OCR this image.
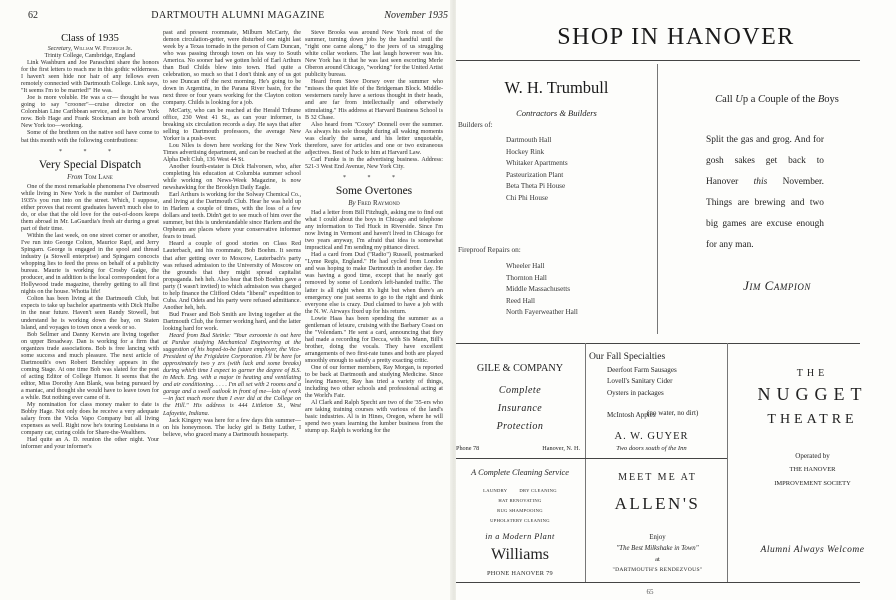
62	DARTMOUTH ALUMNI MAGAZINE	November 1935
Class of 1935
Secretary, William W. Fitzhugh Jr.
Trinity College, Cambridge, England

Link Washburn and Joe Paraschini share the honors for the first letters to reach me in this gothic wilderness. I haven't seen hide nor hair of any fellows even remotely connected with Dartmouth College. Link says, "It seems I'm to be married!" He was.

Joe is more voluble. He was a cr— thought he was going to say "crooner"—cruise director on the Colombian Line Caribbean service, and is in New York now. Bob Hage and Frank Stockman are both around New York too—working.

Some of the brethren on the native soil have come to bat this month with the following contributions:

* * *
Very Special Dispatch
From Tom Lane

One of the most remarkable phenomena I've observed while living in New York is the number of Dartmouth 1935's you run into on the street. Which, I suppose, either proves that recent graduates haven't much else to do, or else that the old love for the out-of-doors keeps them abroad in Mr. LaGuardia's fresh air during a great part of their time.

Within the last week, on one street corner or another, I've run into George Colton, Maurice Rapf, and Jerry Spingarn. George is engaged in the spool and thread industry (a Stowell enterprise) and Spingarn concocts whopping lies to feed the press on behalf of a publicity bureau. Maurie is working for Crosby Gaige, the producer, and in addition is the local correspondent for a Hollywood trade magazine, thereby getting to all first nights on the house. Whotta life!

Colton has been living at the Dartmouth Club, but expects to take up bachelor apartments with Dick Hulbe in the near future. Haven't seen Randy Stowell, but understand he is working down the bay, on Staten Island, and voyages to town once a week or so.

Bob Sellmer and Danny Kerwin are living together on upper Broadway. Dan is working for a firm that organizes trade associations. Bob is free lancing with some success and much pleasure. The next article of Dartmouth's own Robert Benchley appears in the coming Stage. At one time Bob was slated for the post of acting Editor of College Humor. It seems that the editor, Miss Dorothy Ann Blank, was being pursued by a maniac, and thought she would have to leave town for a while. But nothing ever came of it.

My nomination for class money maker to date is Bobby Hage. Not only does he receive a very adequate salary from the Vicks Vapo Company but all living expenses as well. Right now he's touring Louisiana in a company car, curing colds for Share-the-Wealthers.

Had quite an A. D. reunion the other night. Your informer and your informer's

past and present roommate, Milburn McCarty, the demon circulation-getter, were disturbed one night last week by a Texas tornado in the person of Cam Duncan, who was passing through town on his way to South America. No sooner had we gotten hold of Earl Arthurs than Bud Childs blew into town. Had quite a celebration, so much so that I don't think any of us got to see Duncan off the next morning. He's going to be down in Argentina, in the Parana River basin, for the next three or four years working for the Clayton cotton company. Childs is looking for a job.

McCarty, who can be reached at the Herald Tribune office, 230 West 41 St., as can your informer, is breaking six circulation records a day. He says that after selling to Dartmouth professors, the average New Yorker is a push-over.

Lou Niles is down here working for the New York Times advertising department, and can be reached at the Alpha Delt Club, 136 West 44 St.

Another fourth-estater is Dick Halvorsen, who, after completing his education at Columbia summer school while working on News-Week Magazine, is now newshawking for the Brooklyn Daily Eagle.

Earl Arthurs is working for the Solway Chemical Co., and living at the Dartmouth Club. Hear he was held up in Harlem a couple of times, with the loss of a few dollars and teeth. Didn't get to see much of him over the summer, but this is understandable since Harlem and the Orpheum are places where your conservative informer fears to tread.

Heard a couple of good stories on Class Red Lauterbach, and his roommate, Bob Boehm. It seems that after getting over to Moscow, Lauterbach's party was refused admission to the University of Moscow on the grounds that they might spread capitalist propaganda. heh heh. Also hear that Bob Boehm gave a party (I wasn't invited) to which admission was charged to help finance the Clifford Odets "liberal" expedition to Cuba. And Odets and his party were refused admittance. Another heh, heh.

Bud Fraser and Bob Smith are living together at the Dartmouth Club, the former working hard, and the latter looking hard for work.

Heard from Bud Steinle: "Your exroomie is out here at Purdue studying Mechanical Engineering at the suggestion of his hoped-to-be future employer, the Vice-President of the Frigidaire Corporation. I'll be here for approximately two y zrs (with luck and some breaks) during which time I expect to garner the degree of B.S. in Mech. Eng. with a major in heating and ventilating and air conditioning. . . . . I'm all set with 2 rooms and a garage and a swell outlook in front of me—lots of work—in fact much more than I ever did at the College on the Hill." His address is 444 Littleton St., West Lafayette, Indiana.

Jack Kingery was here for a few days this summer—on his honeymoon. The lucky girl is Betty Luther, I believe, who graced many a Dartmouth houseparty.

Steve Brooks was around New York most of the summer, turning down jobs by the handful until the "right one came along," to the jeers of us struggling white collar workers. The last laugh however was his. New York has it that he was last seen escorting Merle Oberon around Chicago, "working" for the United Artist publicity bureau.

Heard from Steve Dorsey over the summer who "misses the quiet life of the Bridgeman Block. Middle-westerners rarely have a serious thought in their heads, and are far from intellectually and otherwisely stimulating." His address at Harvard Business School is B 32 Chase.

Also heard from "Coxey" Donnell over the summer. As always his sole thought during all waking moments was clearly the same, and his letter unquotable, therefore, save for articles and one or two extraneous adjectives. Best of l'uck to him at Harvard Law.

Carl Funke is in the advertising business. Address: 521-3 West End Avenue, New York City.

* * *
Some Overtones
By Fred Raymond

Had a letter from Bill Fitzhugh, asking me to find out what I could about the boys in Chicago and telephone any information to Ted Huck in Riverside. Since I'm now living in Vermont and haven't lived in Chicago for two years anyway, I'm afraid that idea is somewhat impractical and I'm sending my pittance direct.

Had a card from Dud ("Radio") Russell, postmarked "Lyme Regis, England." He had cycled from London and was hoping to make Dartmouth in another day. He was having a good time, except that he nearly got removed by some of London's left-handed traffic. The latter is all right when it's light but when there's an emergency one just seems to go to the right and think everyone else is crazy. Dud claimed to have a job with the N. W. Airways fixed up for his return.

Lowie Haas has been spending the summer as a gentleman of leisure, cruising with the Barbary Coast on the "Volendam." He sent a card, announcing that they had made a recording for Decca, with Sis Mann, Bill's brother, doing the vocals. They have excellent arrangements of two first-rate tunes and both are played smoothly enough to satisfy a pretty exacting critic.

One of our former members, Ray Morgan, is reported to be back at Dartmouth and studying Medicine. Since leaving Hanover, Ray has tried a variety of things, including two other schools and professional acting at the World's Fair.

Al Clark and Ralph Specht are two of the '35-ers who are taking training courses with various of the land's basic industries. Al is in Hines, Oregon, where he will spend two years learning the lumber business from the stump up. Ralph is working for the

SHOP IN HANOVER
W. H. Trumbull
Contractors & Builders
Builders of:
Dartmouth Hall
Hockey Rink
Whitaker Apartments
Pasteurization Plant
Beta Theta Pi House
Chi Phi House
Fireproof Repairs on:
Wheeler Hall
Thornton Hall
Middle Massachusetts
Reed Hall
North Fayerweather Hall
Call Up a Couple of the Boys
Split the gas and grog. And for gosh sakes get back to Hanover this November. Things are brewing and two big games are excuse enough for any man.
Jim Campion
GILE & COMPANY
Complete
Insurance
Protection
Phone 78	Hanover, N. H.
Our Fall Specialties
Deerfoot Farm Sausages
Lovell's Sanitary Cider
Oysters in packages
McIntosh Apples
(no water, no dirt)
A. W. GUYER
Two doors south of the Inn
THE
NUGGET
THEATRE
Operated by
THE HANOVER
IMPROVEMENT SOCIETY
Alumni Always Welcome
A Complete Cleaning Service
LAUNDRY	DRY CLEANING
HAT RENOVATING
RUG SHAMPOOING
UPHOLSTERY CLEANING
in a Modern Plant
Williams
PHONE HANOVER 79
MEET ME AT
ALLEN'S
Enjoy
"The Best Milkshake in Town"
at
"DARTMOUTH'S RENDEZVOUS"
65
